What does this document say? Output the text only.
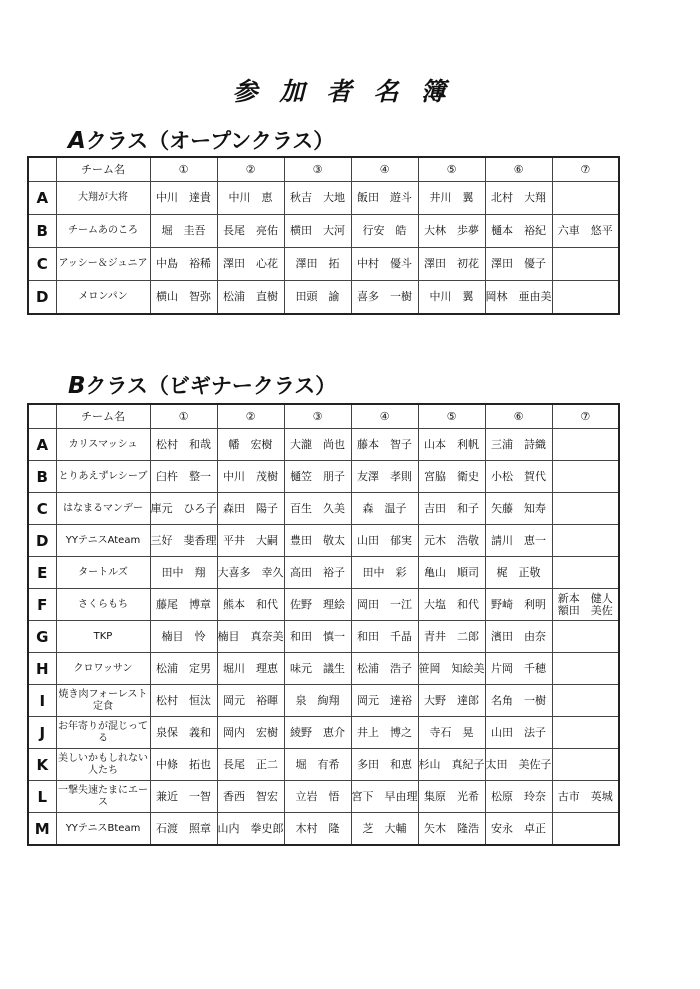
参加者名簿
Aクラス（オープンクラス）
	チーム名	①	②	③	④	⑤	⑥	⑦
A	大翔が大将	中川　達貴	中川　恵	秋吉　大地	飯田　遊斗	井川　翼	北村　大翔	
B	チームあのころ	堀　圭吾	長尾　亮佑	横田　大河	行安　皓	大林　歩夢	樋本　裕紀	六車　悠平
C	アッシー＆ジュニア	中島　裕稀	澤田　心花	澤田　拓	中村　優斗	澤田　初花	澤田　優子	
D	メロンパン	横山　智弥	松浦　直樹	田頭　諭	喜多　一樹	中川　翼	岡林　亜由美	
Bクラス（ビギナークラス）
	チーム名	①	②	③	④	⑤	⑥	⑦
A	カリスマッシュ	松村　和哉	幡　宏樹	大瀧　尚也	藤本　智子	山本　利帆	三浦　詩織	
B	とりあえずレシーブ	臼杵　整一	中川　茂樹	樋笠　朋子	友澤　孝則	宮脇　衛史	小松　賀代	
C	はなまるマンデー	庫元　ひろ子	森田　陽子	百生　久美	森　温子	吉田　和子	矢藤　知寿	
D	YYテニスAteam	三好　斐香理	平井　大嗣	豊田　敬太	山田　郁実	元木　浩敬	請川　恵一	
E	タートルズ	田中　翔	大喜多　幸久	高田　裕子	田中　彩	亀山　順司	梶　正敬	
F	さくらもち	藤尾　博章	熊本　和代	佐野　理絵	岡田　一江	大塩　和代	野崎　利明	新本　健人 額田　美佐
G	TKP	楠目　怜	楠目　真奈美	和田　慎一	和田　千晶	青井　二郎	濱田　由奈	
H	クロワッサン	松浦　定男	堀川　理恵	味元　議生	松浦　浩子	笹岡　知絵美	片岡　千穂	
I	焼き肉フォーレスト定食	松村　恒汰	岡元　裕暉	泉　絢翔	岡元　達裕	大野　達郎	名角　一樹	
J	お年寄りが混じってる	泉保　義和	岡内　宏樹	綾野　恵介	井上　博之	寺石　晃	山田　法子	
K	美しいかもしれない人たち	中條　拓也	長尾　正二	堀　有希	多田　和恵	杉山　真紀子	太田　美佐子	
L	一撃失速たまにエース	兼近　一智	香西　智宏	立岩　悟	宮下　早由理	集原　光希	松原　玲奈	古市　英城
M	YYテニスBteam	石渡　照章	山内　拳史郎	木村　隆	芝　大輔	矢木　隆浩	安永　卓正	
